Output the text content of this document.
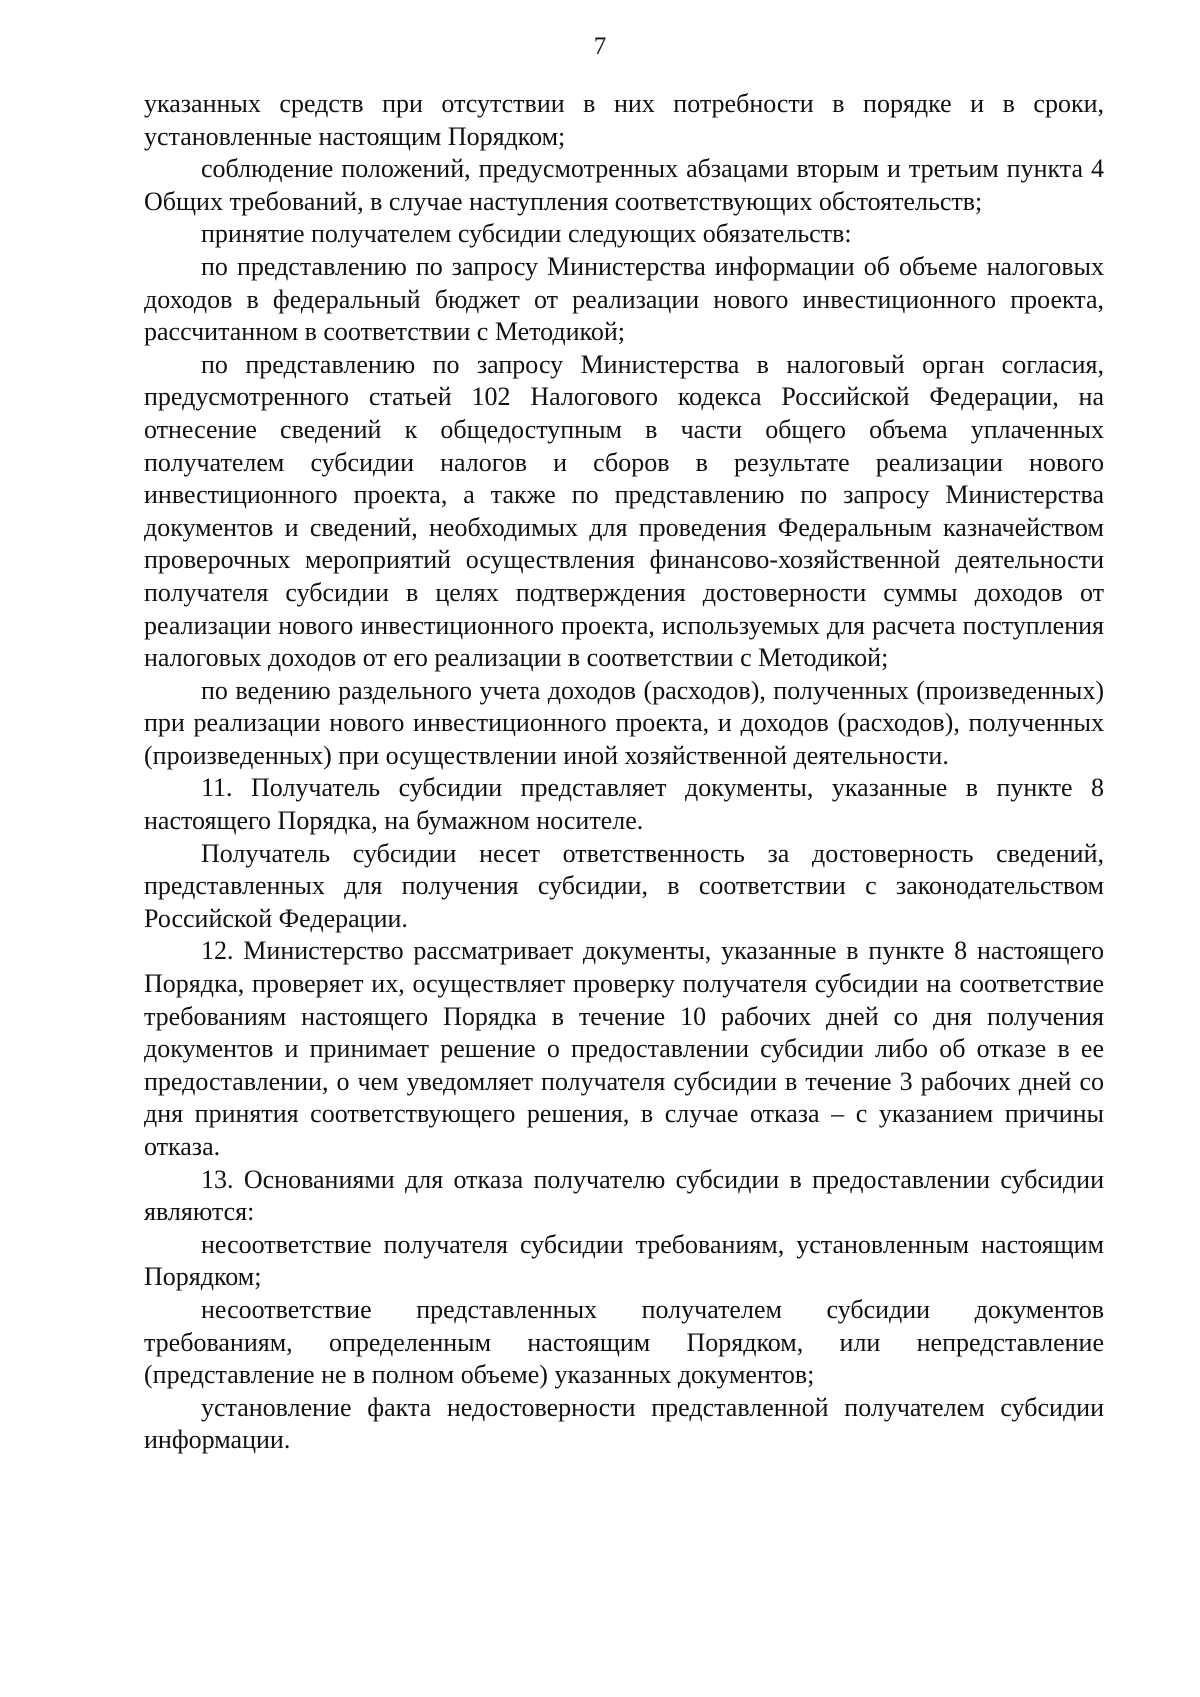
7

указанных средств при отсутствии в них потребности в порядке и в сроки, установленные настоящим Порядком;

соблюдение положений, предусмотренных абзацами вторым и третьим пункта 4 Общих требований, в случае наступления соответствующих обстоятельств;

принятие получателем субсидии следующих обязательств:

по представлению по запросу Министерства информации об объеме налоговых доходов в федеральный бюджет от реализации нового инвестиционного проекта, рассчитанном в соответствии с Методикой;

по представлению по запросу Министерства в налоговый орган согласия, предусмотренного статьей 102 Налогового кодекса Российской Федерации, на отнесение сведений к общедоступным в части общего объема уплаченных получателем субсидии налогов и сборов в результате реализации нового инвестиционного проекта, а также по представлению по запросу Министерства документов и сведений, необходимых для проведения Федеральным казначейством проверочных мероприятий осуществления финансово-хозяйственной деятельности получателя субсидии в целях подтверждения достоверности суммы доходов от реализации нового инвестиционного проекта, используемых для расчета поступления налоговых доходов от его реализации в соответствии с Методикой;

по ведению раздельного учета доходов (расходов), полученных (произведенных) при реализации нового инвестиционного проекта, и доходов (расходов), полученных (произведенных) при осуществлении иной хозяйственной деятельности.

11. Получатель субсидии представляет документы, указанные в пункте 8 настоящего Порядка, на бумажном носителе.

Получатель субсидии несет ответственность за достоверность сведений, представленных для получения субсидии, в соответствии с законодательством Российской Федерации.

12. Министерство рассматривает документы, указанные в пункте 8 настоящего Порядка, проверяет их, осуществляет проверку получателя субсидии на соответствие требованиям настоящего Порядка в течение 10 рабочих дней со дня получения документов и принимает решение о предоставлении субсидии либо об отказе в ее предоставлении, о чем уведомляет получателя субсидии в течение 3 рабочих дней со дня принятия соответствующего решения, в случае отказа – с указанием причины отказа.

13. Основаниями для отказа получателю субсидии в предоставлении субсидии являются:

несоответствие получателя субсидии требованиям, установленным настоящим Порядком;

несоответствие представленных получателем субсидии документов требованиям, определенным настоящим Порядком, или непредставление (представление не в полном объеме) указанных документов;

установление факта недостоверности представленной получателем субсидии информации.
